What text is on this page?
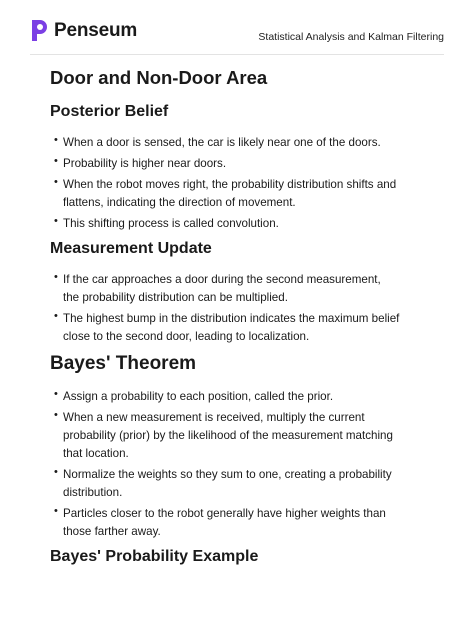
Penseum	Statistical Analysis and Kalman Filtering
Door and Non-Door Area
Posterior Belief
• When a door is sensed, the car is likely near one of the doors.
• Probability is higher near doors.
• When the robot moves right, the probability distribution shifts and flattens, indicating the direction of movement.
• This shifting process is called convolution.
Measurement Update
• If the car approaches a door during the second measurement, the probability distribution can be multiplied.
• The highest bump in the distribution indicates the maximum belief close to the second door, leading to localization.
Bayes' Theorem
• Assign a probability to each position, called the prior.
• When a new measurement is received, multiply the current probability (prior) by the likelihood of the measurement matching that location.
• Normalize the weights so they sum to one, creating a probability distribution.
• Particles closer to the robot generally have higher weights than those farther away.
Bayes' Probability Example
